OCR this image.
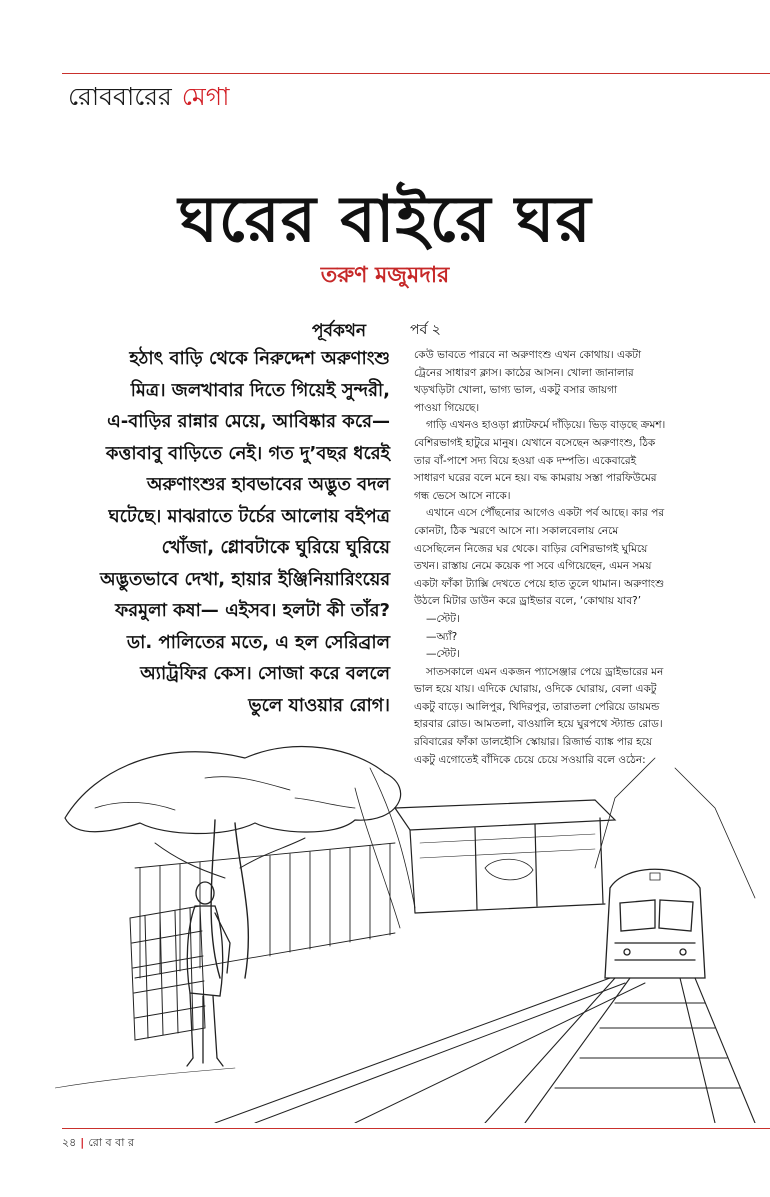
রোববারের মেগা
ঘরের বাইরে ঘর
তরুণ মজুমদার
পূর্বকথন
হঠাৎ বাড়ি থেকে নিরুদ্দেশ অরুণাংশু
মিত্র। জলখাবার দিতে গিয়েই সুন্দরী,
এ-বাড়ির রান্নার মেয়ে, আবিষ্কার করে—
কত্তাবাবু বাড়িতে নেই। গত দু’বছর ধরেই
অরুণাংশুর হাবভাবের অদ্ভুত বদল
ঘটেছে। মাঝরাতে টর্চের আলোয় বইপত্র
খোঁজা, গ্লোবটাকে ঘুরিয়ে ঘুরিয়ে
অদ্ভুতভাবে দেখা, হায়ার ইঞ্জিনিয়ারিংয়ের
ফরমুলা কষা— এইসব। হলটা কী তাঁর?
ডা. পালিতের মতে, এ হল সেরিব্রাল
অ্যাট্রফির কেস। সোজা করে বললে
ভুলে যাওয়ার রোগ।
পর্ব ২
কেউ ভাবতে পারবে না অরুণাংশু এখন কোথায়। একটা
ট্রেনের সাধারণ ক্লাস। কাঠের আসন। খোলা জানালার
খড়খড়িটা খোলা, ভাগ্য ভাল, একটু বসার জায়গা
পাওয়া গিয়েছে।
গাড়ি এখনও হাওড়া প্ল্যাটফর্মে দাঁড়িয়ে। ভিড় বাড়ছে ক্রমশ।
বেশিরভাগই হাটুরে মানুষ। যেখানে বসেছেন অরুণাংশু, ঠিক
তার বাঁ-পাশে সদ্য বিয়ে হওয়া এক দম্পতি। একেবারেই
সাধারণ ঘরের বলে মনে হয়। বদ্ধ কামরায় সস্তা পারফিউমের
গন্ধ ভেসে আসে নাকে।
এখানে এসে পৌঁছনোর আগেও একটা পর্ব আছে। কার পর
কোনটা, ঠিক স্মরণে আসে না। সকালবেলায় নেমে
এসেছিলেন নিজের ঘর থেকে। বাড়ির বেশিরভাগই ঘুমিয়ে
তখন। রাস্তায় নেমে কয়েক পা সবে এগিয়েছেন, এমন সময়
একটা ফাঁকা ট্যাক্সি দেখতে পেয়ে হাত তুলে থামান। অরুণাংশু
উঠলে মিটার ডাউন করে ড্রাইভার বলে, ‘কোথায় যাব?’
—স্টেট।
—অ্যাঁ?
—স্টেট।
সাতসকালে এমন একজন প্যাসেঞ্জার পেয়ে ড্রাইভারের মন
ভাল হয়ে যায়। এদিকে ঘোরায়, ওদিকে ঘোরায়, বেলা একটু
একটু বাড়ে। আলিপুর, খিদিরপুর, তারাতলা পেরিয়ে ডায়মন্ড
হারবার রোড। আমতলা, বাওয়ালি হয়ে ঘুরপথে স্ট্যান্ড রোড।
রবিবারের ফাঁকা ডালহৌসি স্কোয়ার। রিজার্ভ ব্যাঙ্ক পার হয়ে
একটু এগোতেই বাঁদিকে চেয়ে চেয়ে সওয়ারি বলে ওঠেন:
২৪ | রো ব বা র
